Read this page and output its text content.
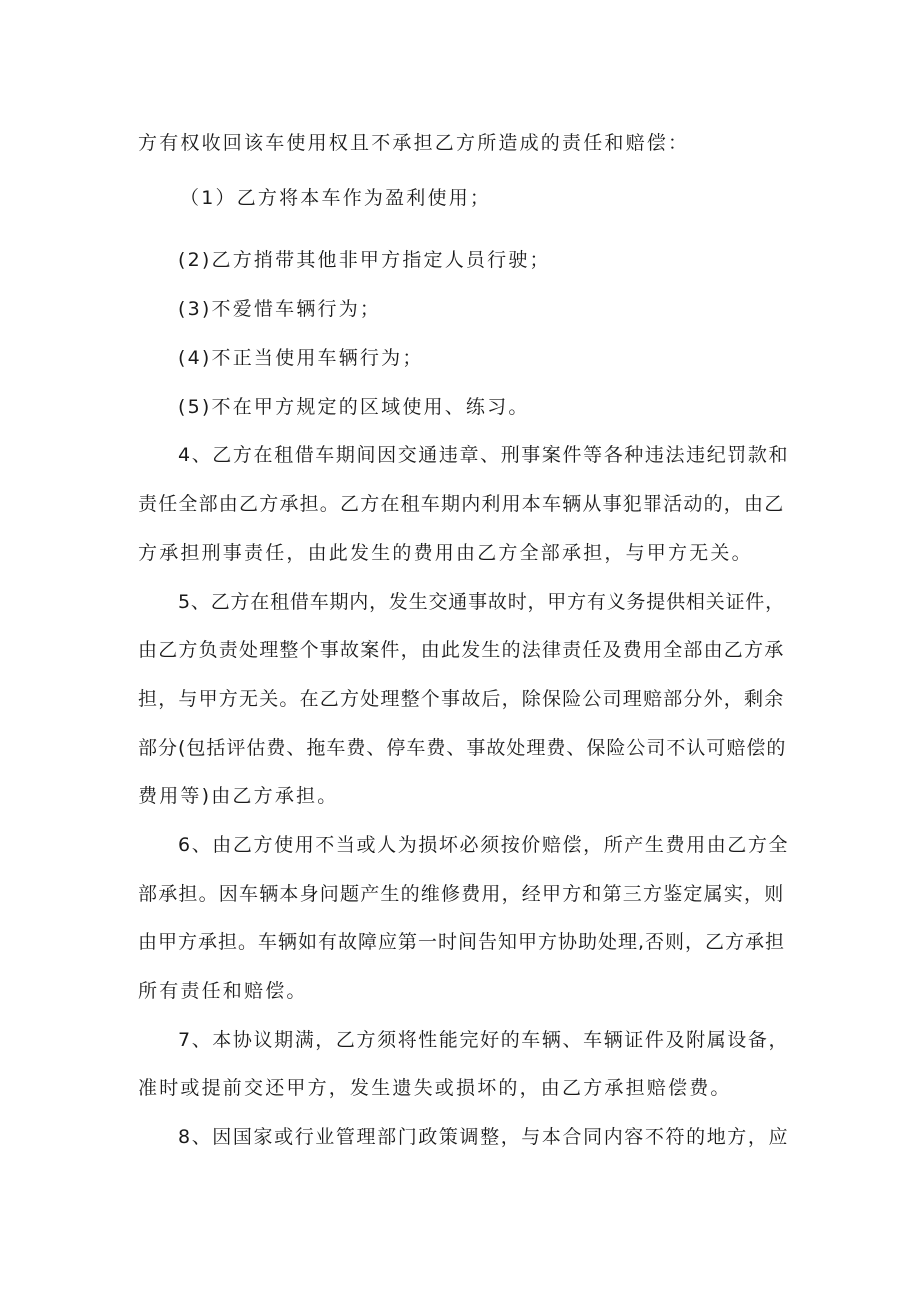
方有权收回该车使用权且不承担乙方所造成的责任和赔偿：
（1）乙方将本车作为盈利使用；
(2)乙方捎带其他非甲方指定人员行驶；
(3)不爱惜车辆行为；
(4)不正当使用车辆行为；
(5)不在甲方规定的区域使用、练习。
4、乙方在租借车期间因交通违章、刑事案件等各种违法违纪罚款和
责任全部由乙方承担。乙方在租车期内利用本车辆从事犯罪活动的，由乙
方承担刑事责任，由此发生的费用由乙方全部承担，与甲方无关。
5、乙方在租借车期内，发生交通事故时，甲方有义务提供相关证件，
由乙方负责处理整个事故案件，由此发生的法律责任及费用全部由乙方承
担，与甲方无关。在乙方处理整个事故后，除保险公司理赔部分外，剩余
部分(包括评估费、拖车费、停车费、事故处理费、保险公司不认可赔偿的
费用等)由乙方承担。
6、由乙方使用不当或人为损坏必须按价赔偿，所产生费用由乙方全
部承担。因车辆本身问题产生的维修费用，经甲方和第三方鉴定属实，则
由甲方承担。车辆如有故障应第一时间告知甲方协助处理,否则，乙方承担
所有责任和赔偿。
7、本协议期满，乙方须将性能完好的车辆、车辆证件及附属设备，
准时或提前交还甲方，发生遗失或损坏的，由乙方承担赔偿费。
8、因国家或行业管理部门政策调整，与本合同内容不符的地方，应
